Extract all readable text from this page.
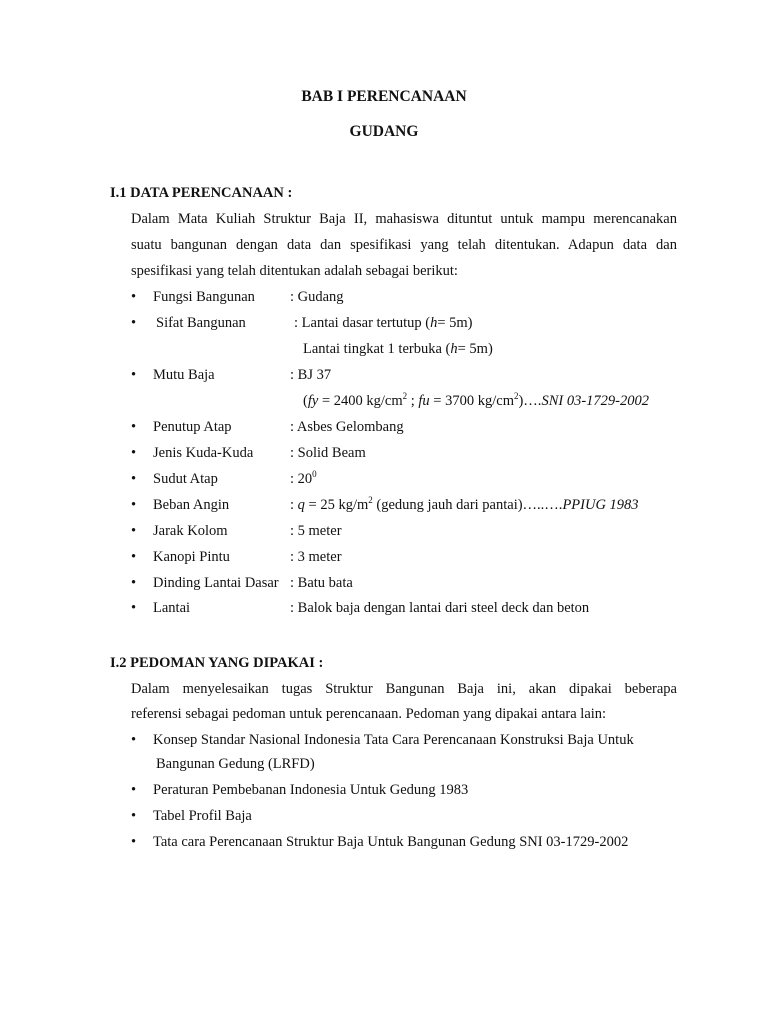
BAB I PERENCANAAN
GUDANG
I.1 DATA PERENCANAAN :
Dalam Mata Kuliah Struktur Baja II, mahasiswa dituntut untuk mampu merencanakan
suatu bangunan dengan data dan spesifikasi yang telah ditentukan. Adapun data dan
spesifikasi yang telah ditentukan adalah sebagai berikut:
• Fungsi Bangunan : Gudang
• Sifat Bangunan	: Lantai dasar tertutup (h= 5m)
Lantai tingkat 1 terbuka (h= 5m)
• Mutu Baja	: BJ 37
(fy = 2400 $kg/cm^2$ ; fu = 3700 $kg/cm^2)\dots.SNI$ 03-1729-2002
• Penutup Atap	: Asbes Gelombang
• Jenis Kuda-Kuda	: Solid Beam
• Sudut Atap	: $20^0$
• Beban Angin	: q = 25 $kg/m^2$ (gedung jauh dari pantai)…..….PPIUG 1983
• Jarak Kolom	: 5 meter
• Kanopi Pintu	: 3 meter
• Dinding Lantai Dasar : Batu bata
• Lantai	: Balok baja dengan lantai dari steel deck dan beton
I.2 PEDOMAN YANG DIPAKAI :
Dalam menyelesaikan tugas Struktur Bangunan Baja ini, akan dipakai beberapa
referensi sebagai pedoman untuk perencanaan. Pedoman yang dipakai antara lain:
• Konsep Standar Nasional Indonesia Tata Cara Perencanaan Konstruksi Baja Untuk
Bangunan Gedung (LRFD)
• Peraturan Pembebanan Indonesia Untuk Gedung 1983
• Tabel Profil Baja
• Tata cara Perencanaan Struktur Baja Untuk Bangunan Gedung SNI 03-1729-2002
